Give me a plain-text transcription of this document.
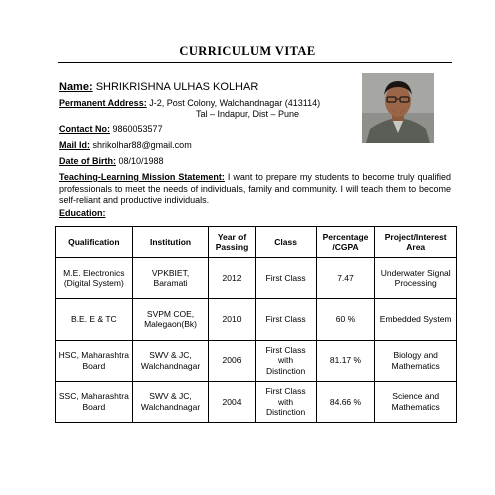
CURRICULUM VITAE
Name: SHRIKRISHNA ULHAS KOLHAR
Permanent Address: J-2, Post Colony, Walchandnagar (413114)
Tal – Indapur, Dist – Pune
Contact No: 9860053577
Mail Id: shrikolhar88@gmail.com
Date of Birth: 08/10/1988
Teaching-Learning Mission Statement: I want to prepare my students to become truly qualified professionals to meet the needs of individuals, family and community. I will teach them to become self-reliant and productive individuals.
Education:
Qualification	Institution	Year of Passing	Class	Percentage /CGPA	Project/Interest Area
M.E. Electronics (Digital System)	VPKBIET, Baramati	2012	First Class	7.47	Underwater Signal Processing
B.E. E & TC	SVPM COE, Malegaon(Bk)	2010	First Class	60 %	Embedded System
HSC, Maharashtra Board	SWV & JC, Walchandnagar	2006	First Class with Distinction	81.17 %	Biology and Mathematics
SSC, Maharashtra Board	SWV & JC, Walchandnagar	2004	First Class with Distinction	84.66 %	Science and Mathematics
